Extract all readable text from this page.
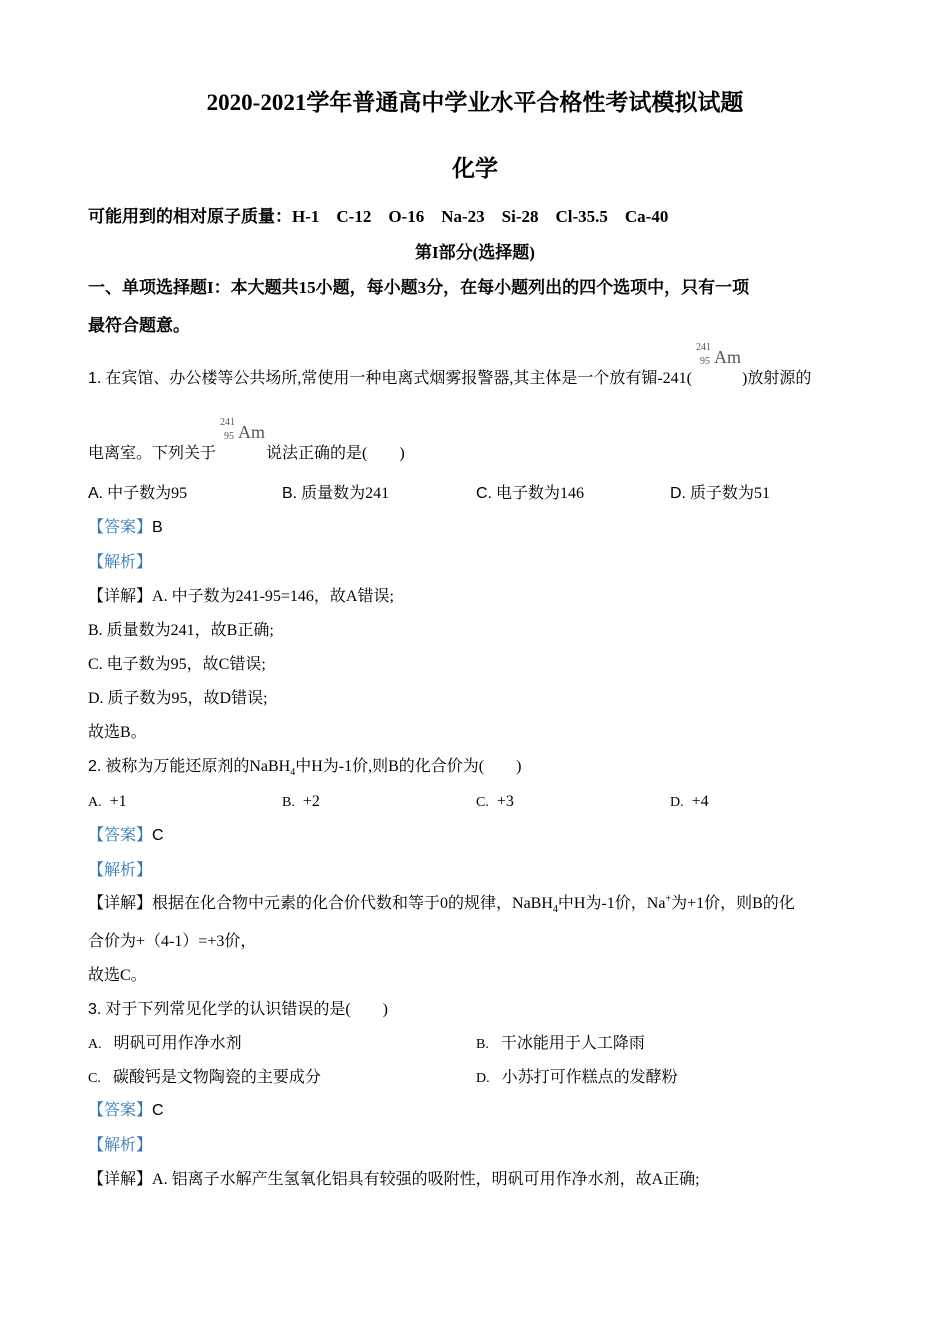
2020-2021学年普通高中学业水平合格性考试模拟试题
化学
可能用到的相对原子质量：H-1　C-12　O-16　Na-23　Si-28　Cl-35.5　Ca-40
第I部分(选择题)
一、单项选择题I：本大题共15小题，每小题3分，在每小题列出的四个选项中，只有一项
最符合题意。
1. 在宾馆、办公楼等公共场所,常使用一种电离式烟雾报警器,其主体是一个放有镅-241(
241
95 Am
)放射源的
电离室。下列关于
241
95 Am
说法正确的是(　　)
A. 中子数为95	B. 质量数为241	C. 电子数为146	D. 质子数为51
【答案】B
【解析】
【详解】A. 中子数为241-95=146，故A错误;
B. 质量数为241，故B正确;
C. 电子数为95，故C错误;
D. 质子数为95，故D错误;
故选B。
2. 被称为万能还原剂的NaBH$_4$中H为-1价,则B的化合价为(　　)
A. +1	B. +2	C. +3	D. +4
【答案】C
【解析】
【详解】根据在化合物中元素的化合价代数和等于0的规律，NaBH$_4$中H为-1价，Na+为+1价，则B的化
合价为+（4-1）=+3价，
故选C。
3. 对于下列常见化学的认识错误的是(　　)
A. 明矾可用作净水剂	B. 干冰能用于人工降雨
C. 碳酸钙是文物陶瓷的主要成分	D. 小苏打可作糕点的发酵粉
【答案】C
【解析】
【详解】A. 铝离子水解产生氢氧化铝具有较强的吸附性，明矾可用作净水剂，故A正确;
